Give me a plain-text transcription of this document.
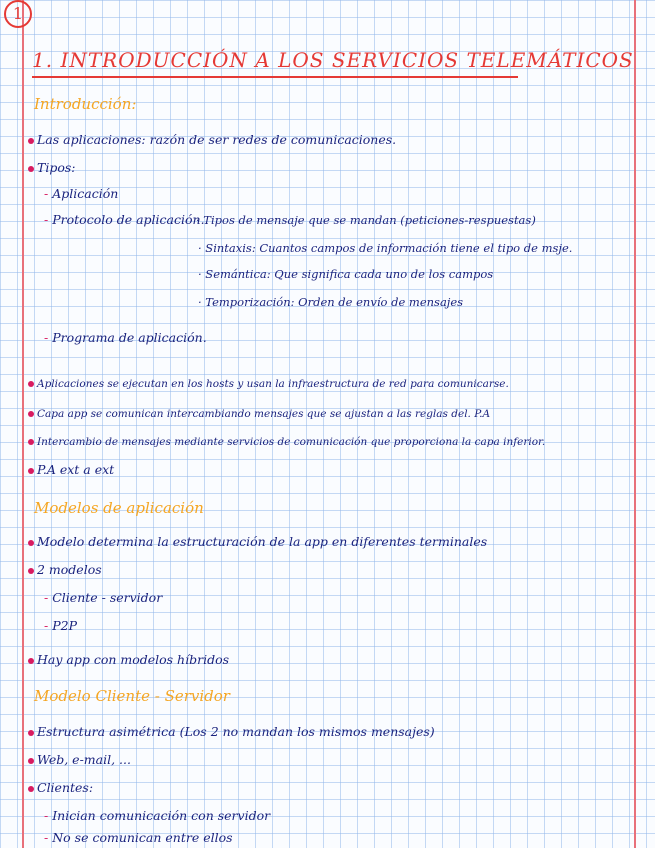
1
1. INTRODUCCIÓN A LOS SERVICIOS TELEMÁTICOS
Introducción:
Las aplicaciones: razón de ser redes de comunicaciones.
Tipos:
- Aplicación
- Protocolo de aplicación.
· Tipos de mensaje que se mandan (peticiones-respuestas)
· Sintaxis: Cuantos campos de información tiene el tipo de msje.
· Semántica: Que significa cada uno de los campos
· Temporización: Orden de envío de mensajes
- Programa de aplicación.
Aplicaciones se ejecutan en los hosts y usan la infraestructura de red para comunicarse.
Capa app se comunican intercambiando mensajes que se ajustan a las reglas del. P.A
Intercambio de mensajes mediante servicios de comunicación que proporciona la capa inferior.
P.A ext a ext
Modelos de aplicación
Modelo determina la estructuración de la app en diferentes terminales
2 modelos
- Cliente - servidor
- P2P
Hay app con modelos híbridos
Modelo Cliente - Servidor
Estructura asimétrica (Los 2 no mandan los mismos mensajes)
Web, e-mail, ...
Clientes:
- Inician comunicación con servidor
- No se comunican entre ellos
